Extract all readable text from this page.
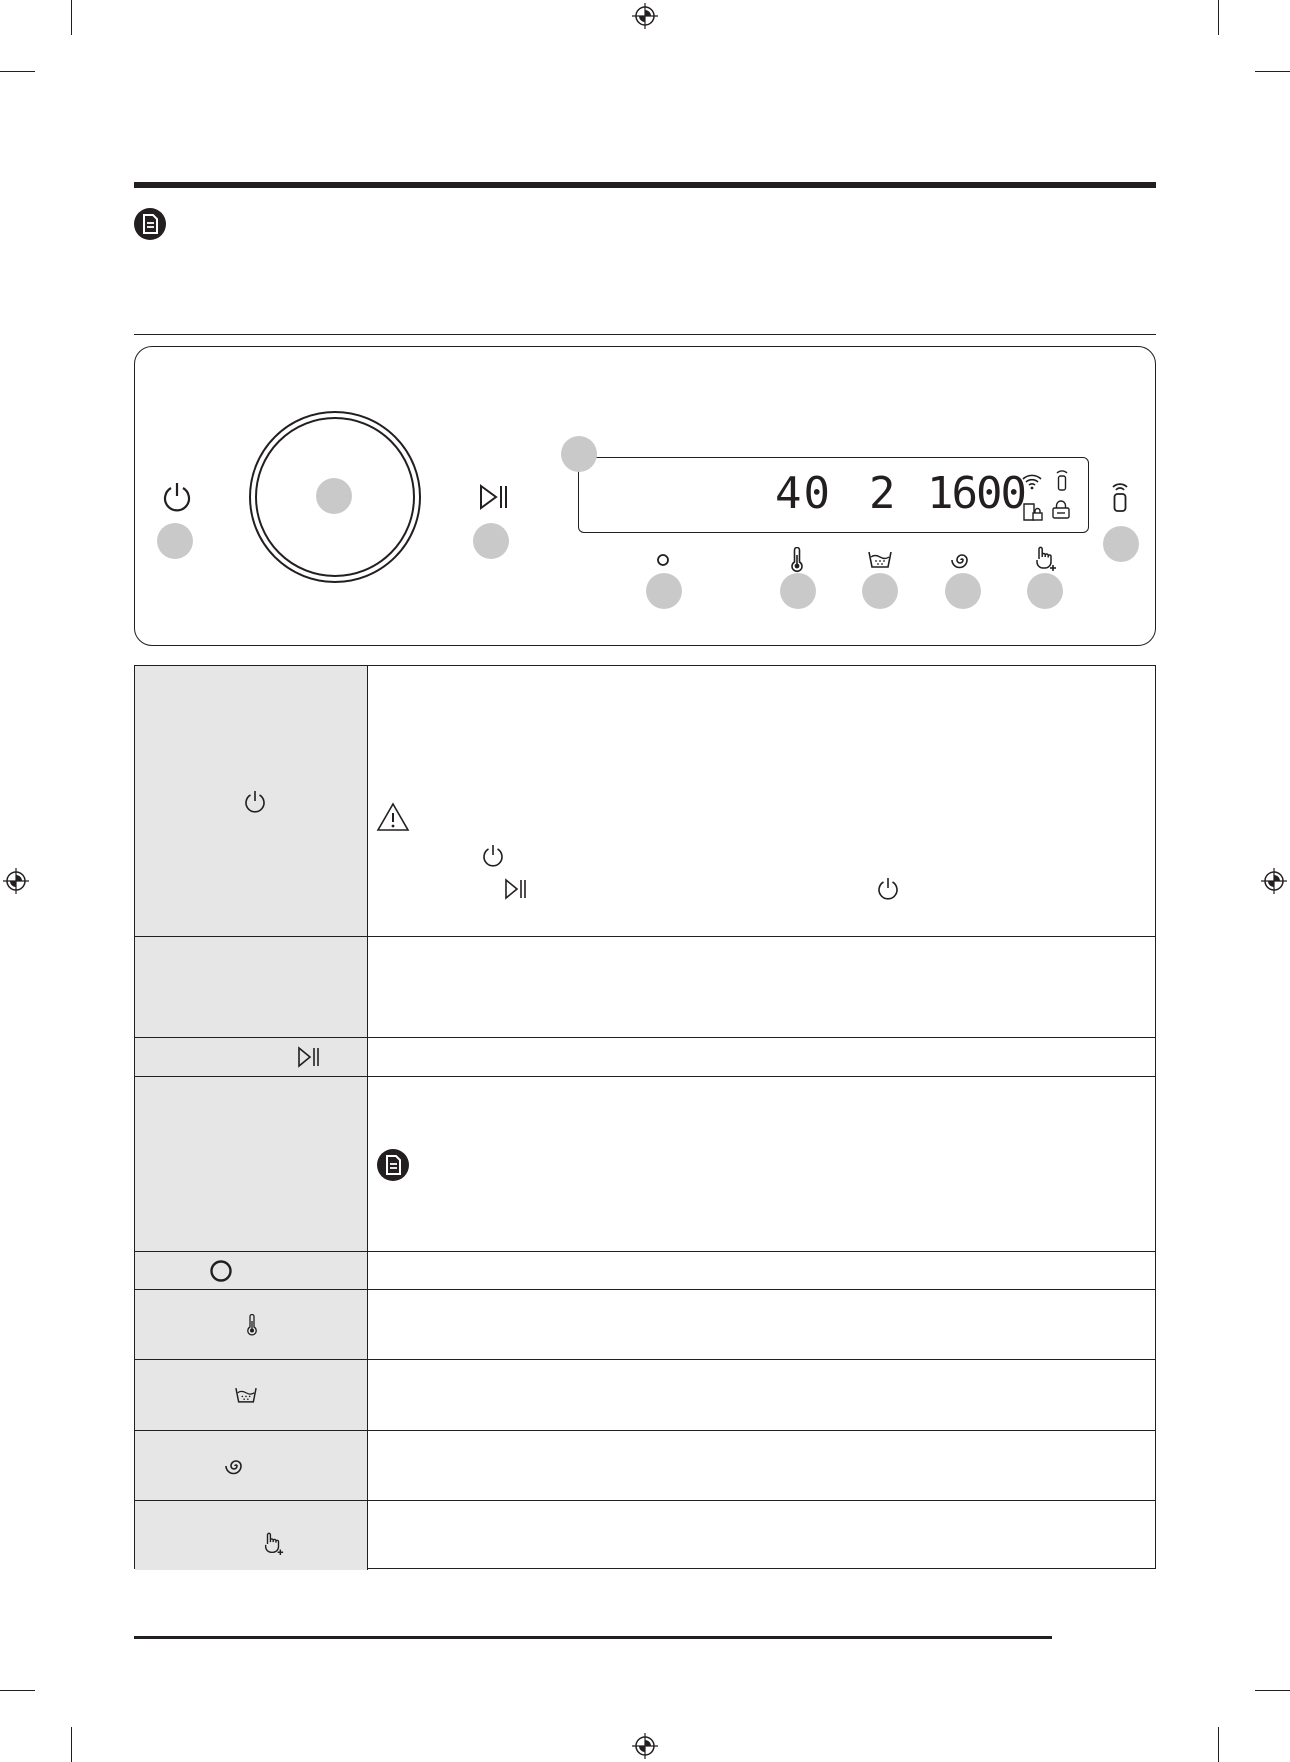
40 2 1600
